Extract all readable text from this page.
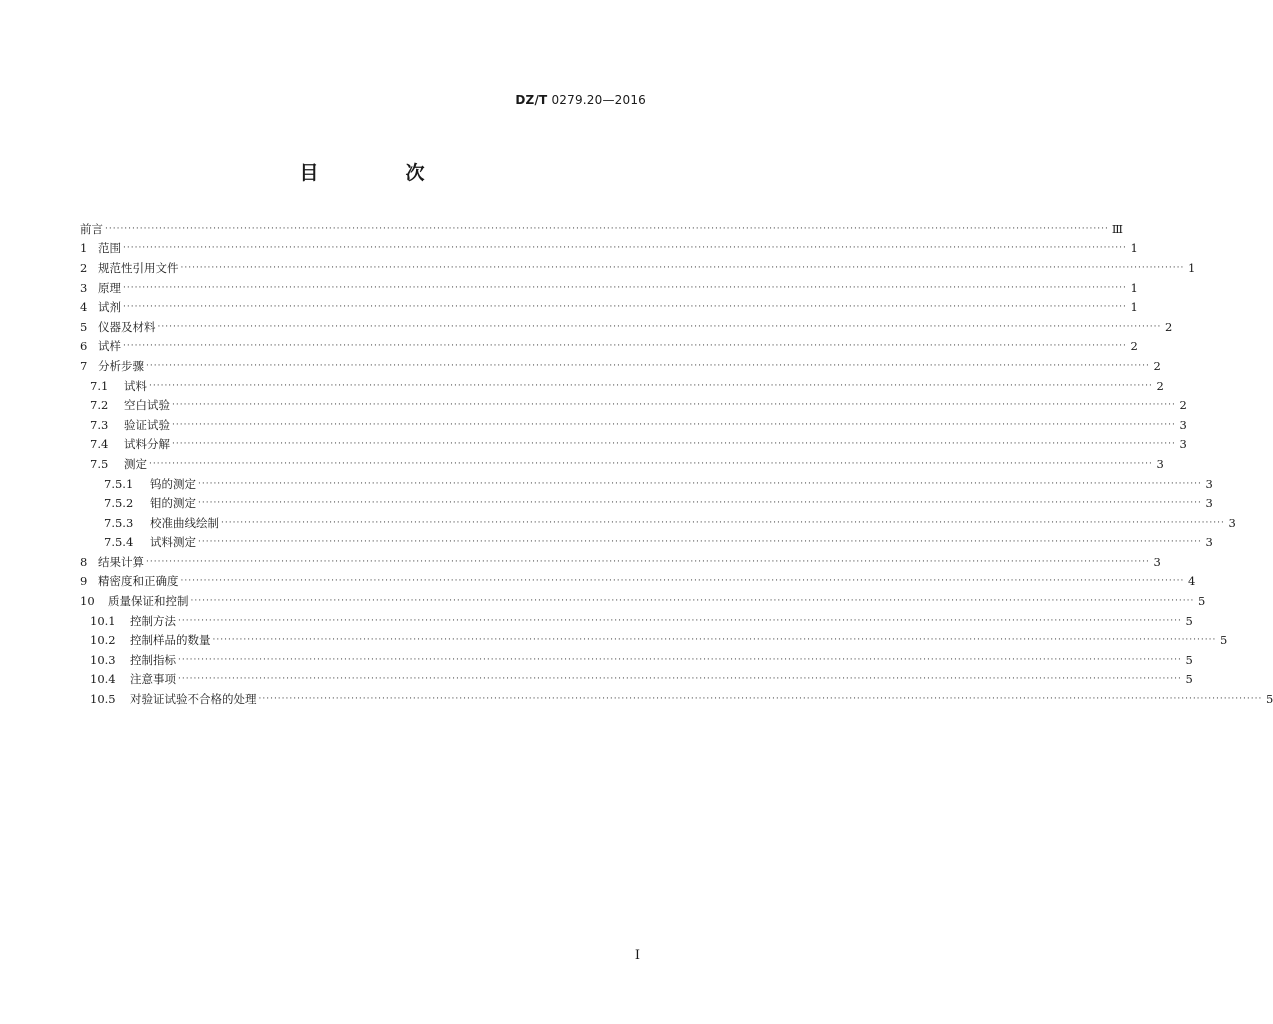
DZ/T 0279.20—2016
目　次
前言 ···································································································································································································································································· Ⅲ
1 范围 ···································································································································································································································································· 1
2 规范性引用文件 ···································································································································································································································································· 1
3 原理 ···································································································································································································································································· 1
4 试剂 ···································································································································································································································································· 1
5 仪器及材料 ···································································································································································································································································· 2
6 试样 ···································································································································································································································································· 2
7 分析步骤 ···································································································································································································································································· 2
7.1	试料 ···································································································································································································································································· 2
7.2	空白试验 ···································································································································································································································································· 2
7.3	验证试验 ···································································································································································································································································· 3
7.4	试料分解 ···································································································································································································································································· 3
7.5	测定 ···································································································································································································································································· 3
7.5.1	钨的测定 ···································································································································································································································································· 3
7.5.2	钼的测定 ···································································································································································································································································· 3
7.5.3	校准曲线绘制 ···································································································································································································································································· 3
7.5.4	试料测定 ···································································································································································································································································· 3
8 结果计算 ···································································································································································································································································· 3
9 精密度和正确度 ···································································································································································································································································· 4
10	质量保证和控制 ···································································································································································································································································· 5
10.1	控制方法 ···································································································································································································································································· 5
10.2	控制样品的数量 ···································································································································································································································································· 5
10.3	控制指标 ···································································································································································································································································· 5
10.4	注意事项 ···································································································································································································································································· 5
10.5	对验证试验不合格的处理 ···································································································································································································································································· 5
I
